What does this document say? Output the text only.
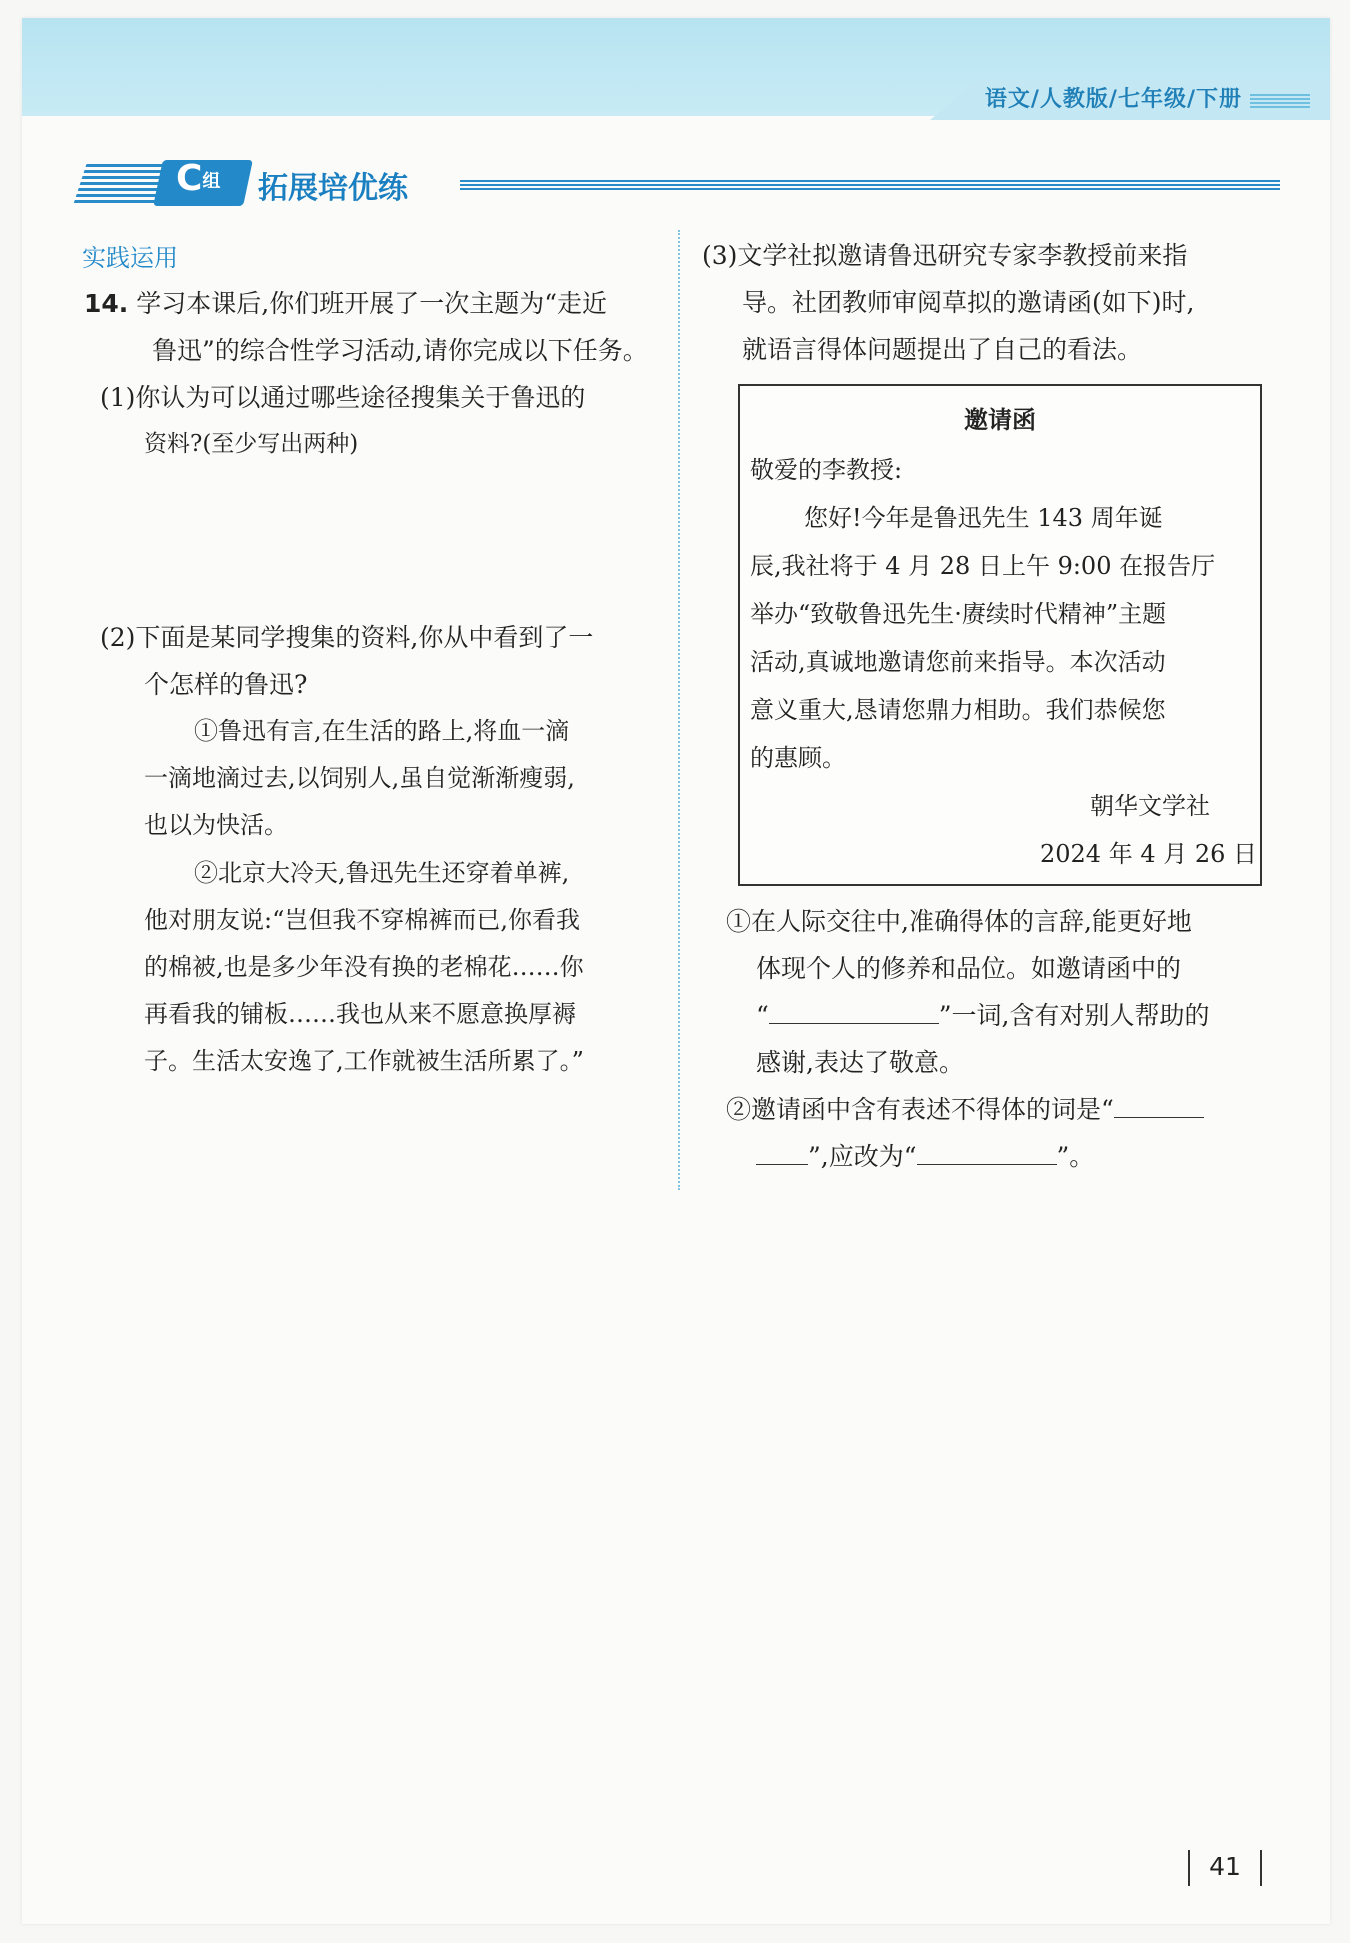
语文/人教版/七年级/下册
C组 拓展培优练
实践运用
14. 学习本课后,你们班开展了一次主题为“走近
鲁迅”的综合性学习活动,请你完成以下任务。
(1)你认为可以通过哪些途径搜集关于鲁迅的
资料?(至少写出两种)
(2)下面是某同学搜集的资料,你从中看到了一
个怎样的鲁迅?
①鲁迅有言,在生活的路上,将血一滴
一滴地滴过去,以饲别人,虽自觉渐渐瘦弱,
也以为快活。
②北京大冷天,鲁迅先生还穿着单裤,
他对朋友说:“岂但我不穿棉裤而已,你看我
的棉被,也是多少年没有换的老棉花……你
再看我的铺板……我也从来不愿意换厚褥
子。生活太安逸了,工作就被生活所累了。”
(3)文学社拟邀请鲁迅研究专家李教授前来指
导。社团教师审阅草拟的邀请函(如下)时,
就语言得体问题提出了自己的看法。
邀请函
敬爱的李教授:
您好!今年是鲁迅先生 143 周年诞
辰,我社将于 4 月 28 日上午 9:00 在报告厅
举办“致敬鲁迅先生·赓续时代精神”主题
活动,真诚地邀请您前来指导。本次活动
意义重大,恳请您鼎力相助。我们恭候您
的惠顾。
朝华文学社
2024 年 4 月 26 日
①在人际交往中,准确得体的言辞,能更好地
体现个人的修养和品位。如邀请函中的
“	”一词,含有对别人帮助的
感谢,表达了敬意。
②邀请函中含有表述不得体的词是“
”,应改为“	”。
41
